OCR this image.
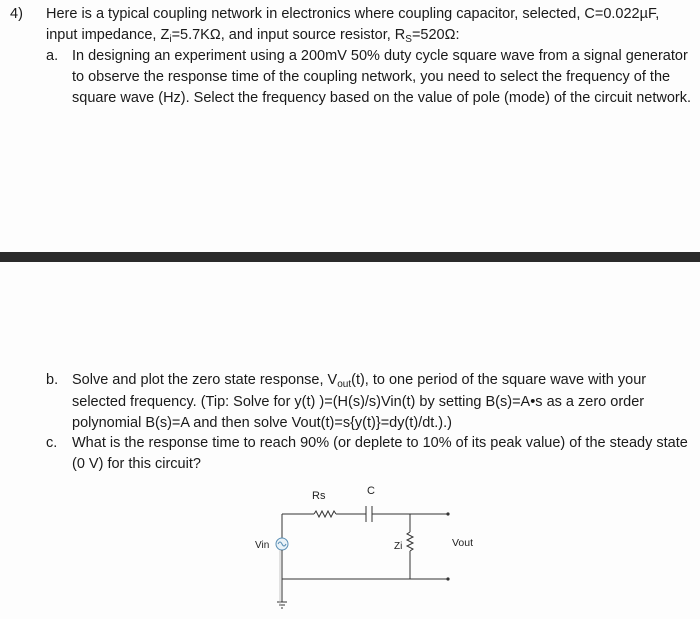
4) Here is a typical coupling network in electronics where coupling capacitor, selected, C=0.022µF,
input impedance, $Z_i=5.7K\Omega$, and input source resistor, $R_S=520\Omega$:
a. In designing an experiment using a 200mV 50% duty cycle square wave from a signal generator to observe the response time of the coupling network, you need to select the frequency of the square wave (Hz). Select the frequency based on the value of pole (mode) of the circuit network.
b. Solve and plot the zero state response, $V_{out}(t)$, to one period of the square wave with your selected frequency. (Tip: Solve for y(t) )=(H(s)/s)Vin(t) by setting B(s)=A•s as a zero order polynomial B(s)=A and then solve Vout(t)=s{y(t)}=dy(t)/dt.).)
c. What is the response time to reach 90% (or deplete to 10% of its peak value) of the steady state (0 V) for this circuit?
Rs	C
Vin	Zi	Vout
